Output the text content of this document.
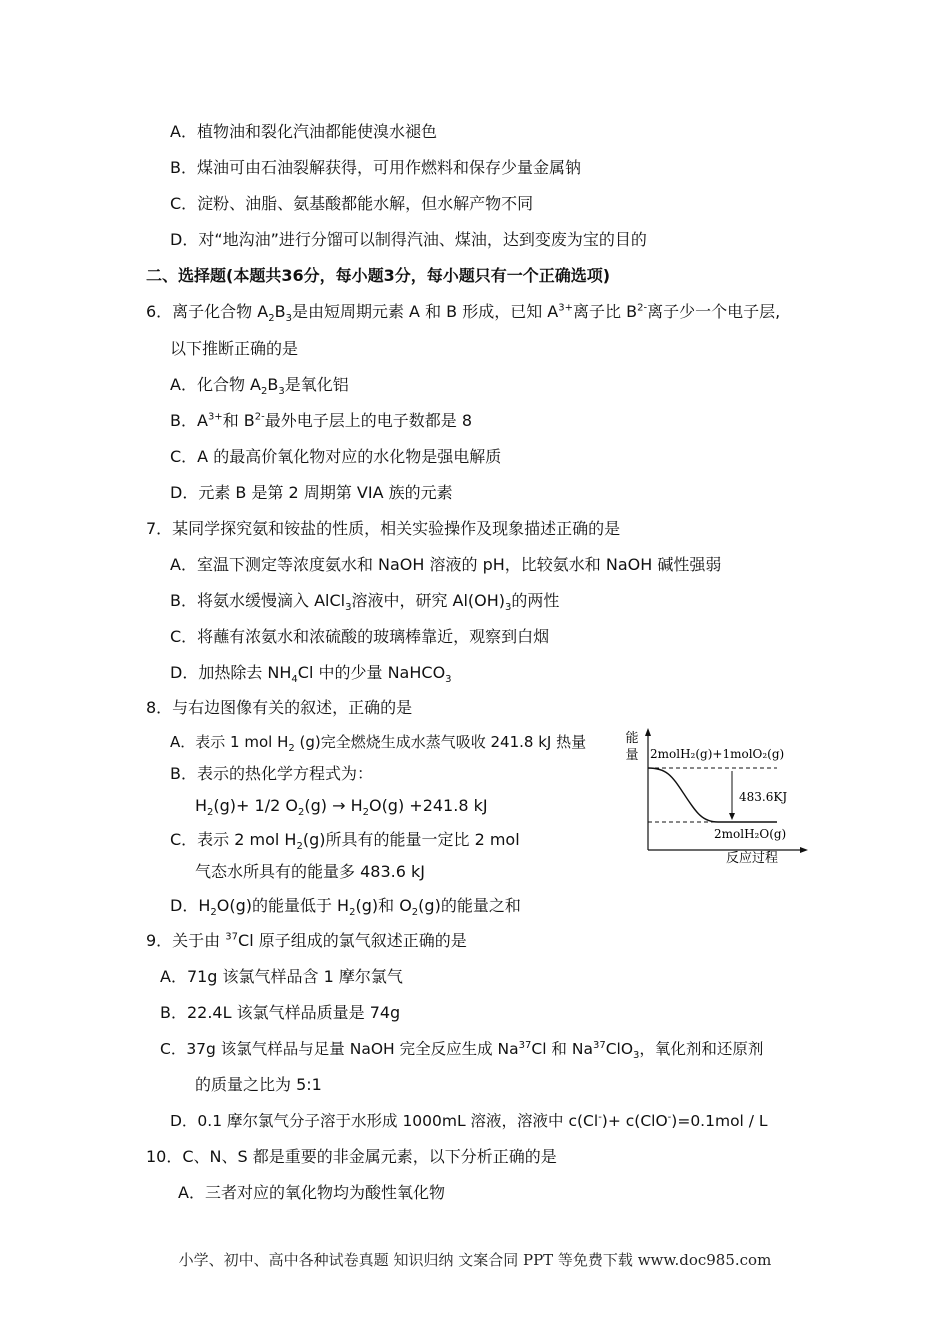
A．植物油和裂化汽油都能使溴水褪色
B．煤油可由石油裂解获得，可用作燃料和保存少量金属钠
C．淀粉、油脂、氨基酸都能水解，但水解产物不同
D．对“地沟油”进行分馏可以制得汽油、煤油，达到变废为宝的目的
二、选择题(本题共36分，每小题3分，每小题只有一个正确选项)
6．离子化合物 $A_2B_3$是由短周期元素 A 和 B 形成，已知 $A^{3+}$离子比 $B^{2-}$离子少一个电子层,
以下推断正确的是
A．化合物 $A_2B_3$是氧化铝
B．$A^{3+}$和 $B^{2-}$最外电子层上的电子数都是 8
C．A 的最高价氧化物对应的水化物是强电解质
D．元素 B 是第 2 周期第 VIA 族的元素
7．某同学探究氨和铵盐的性质，相关实验操作及现象描述正确的是
A．室温下测定等浓度氨水和 NaOH 溶液的 pH，比较氨水和 NaOH 碱性强弱
B．将氨水缓慢滴入 AlCl$_3$溶液中，研究 $Al(OH)_3$的两性
C．将蘸有浓氨水和浓硫酸的玻璃棒靠近，观察到白烟
D．加热除去 $NH_4Cl$ 中的少量 NaHCO$_3$
8．与右边图像有关的叙述，正确的是
A．表示 1 mol $H_2$ (g)完全燃烧生成水蒸气吸收 241.8 kJ 热量
B．表示的热化学方程式为：
$H_2(g)+ 1/2$ $O_2(g) \to H_2O(g) +241.8$ kJ
C．表示 2 mol $H_2(g)$所具有的能量一定比 2 mol
气态水所具有的能量多 483.6 kJ
D．$H_2O(g)$的能量低于 $H_2(g)$和 $O_2(g)$的能量之和
能
量 2molH₂(g)+1molO₂(g)
483.6KJ
2molH₂O(g)
反应过程
9．关于由 $^{37}$Cl 原子组成的氯气叙述正确的是
A．71g 该氯气样品含 1 摩尔氯气
B．22.4L 该氯气样品质量是 74g
C．37g 该氯气样品与足量 NaOH 完全反应生成 Na$^{37}$Cl 和 $Na^{37}ClO_3$，氧化剂和还原剂
的质量之比为 5:1
D．0.1 摩尔氯气分子溶于水形成 1000mL 溶液，溶液中 c(Cl-)+ c(ClO-)=0.1mol / L
10．C、N、S 都是重要的非金属元素，以下分析正确的是
A．三者对应的氧化物均为酸性氧化物
小学、初中、高中各种试卷真题 知识归纳 文案合同 PPT 等免费下载 www.doc985.com
